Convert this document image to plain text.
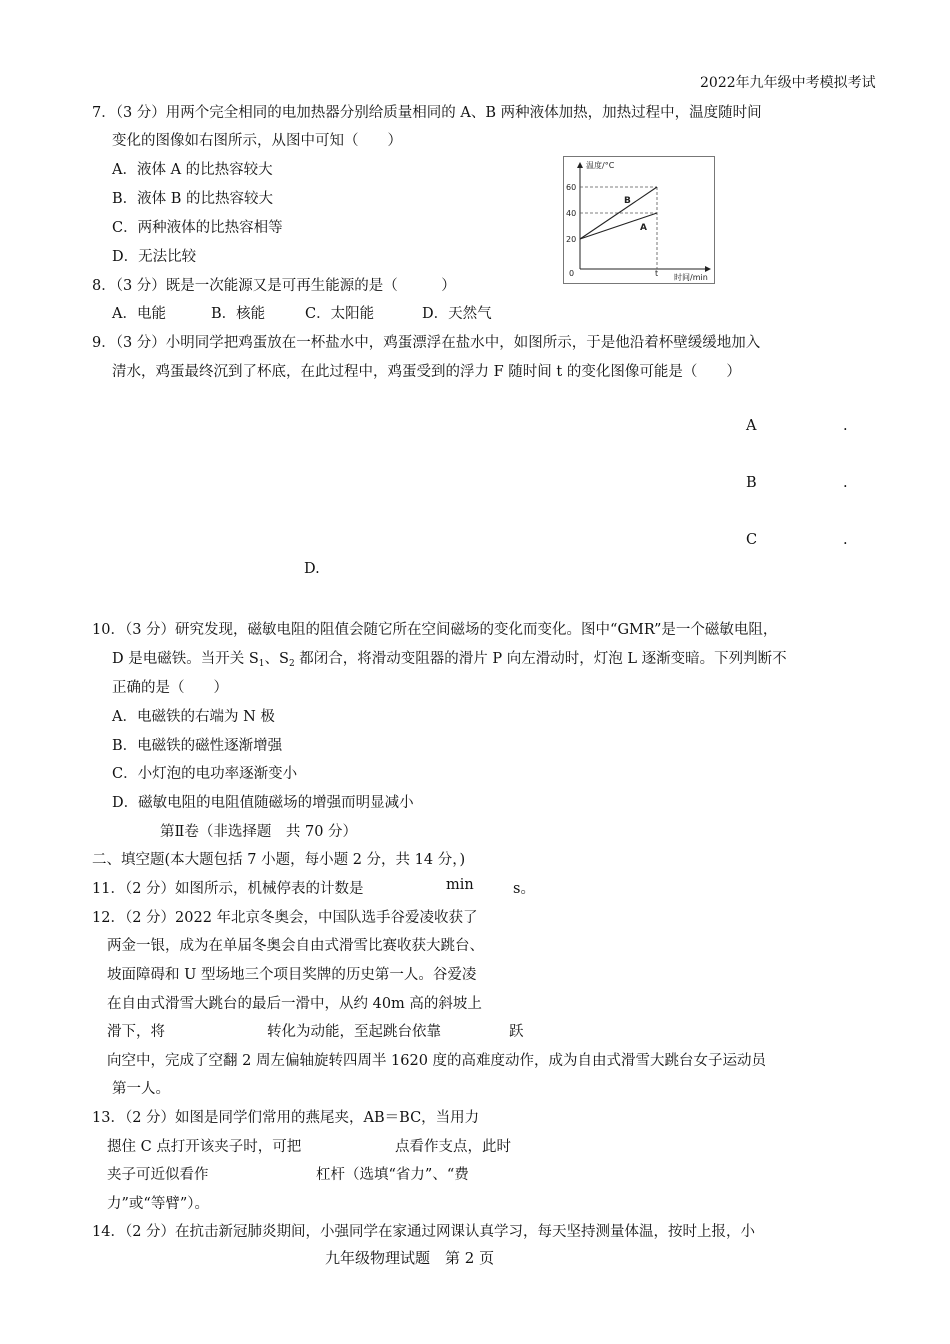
2022年九年级中考模拟考试
7．（3 分）用两个完全相同的电加热器分别给质量相同的 A、B 两种液体加热，加热过程中，温度随时间
变化的图像如右图所示，从图中可知（　　）
A．液体 A 的比热容较大
B．液体 B 的比热容较大
C．两种液体的比热容相等
D．无法比较
温度/°C
60
40
20
0	t 时间/min
B
A
8．（3 分）既是一次能源又是可再生能源的是（　　　）
A．电能	B．核能	C．太阳能	D．天然气
9．（3 分）小明同学把鸡蛋放在一杯盐水中，鸡蛋漂浮在盐水中，如图所示，于是他沿着杯壁缓缓地加入
清水，鸡蛋最终沉到了杯底，在此过程中，鸡蛋受到的浮力 F 随时间 t 的变化图像可能是（　　）
A	.
B	.
C	.
D.
10．（3 分）研究发现，磁敏电阻的阻值会随它所在空间磁场的变化而变化。图中“GMR”是一个磁敏电阻，
D 是电磁铁。当开关 $S_1$、$S_2$ 都闭合，将滑动变阻器的滑片 P 向左滑动时，灯泡 L 逐渐变暗。下列判断不
正确的是（　　）
A．电磁铁的右端为 N 极
B．电磁铁的磁性逐渐增强
C．小灯泡的电功率逐渐变小
D．磁敏电阻的电阻值随磁场的增强而明显减小
第Ⅱ卷（非选择题　共 70 分）
二、填空题(本大题包括 7 小题，每小题 2 分，共 14 分，)
11．（2 分）如图所示，机械停表的计数是	min	s。
12．（2 分）2022 年北京冬奥会，中国队选手谷爱凌收获了
两金一银，成为在单届冬奥会自由式滑雪比赛收获大跳台、
坡面障碍和 U 型场地三个项目奖牌的历史第一人。谷爱凌
在自由式滑雪大跳台的最后一滑中，从约 40m 高的斜坡上
滑下，将	转化为动能，至起跳台依靠	跃
向空中，完成了空翻 2 周左偏轴旋转四周半 1620 度的高难度动作，成为自由式滑雪大跳台女子运动员
第一人。
13．（2 分）如图是同学们常用的燕尾夹，AB＝BC，当用力
摁住 C 点打开该夹子时，可把	点看作支点，此时
夹子可近似看作	杠杆（选填“省力”、“费
力”或“等臂”）。
14．（2 分）在抗击新冠肺炎期间，小强同学在家通过网课认真学习，每天坚持测量体温，按时上报，小
九年级物理试题　第 2 页
